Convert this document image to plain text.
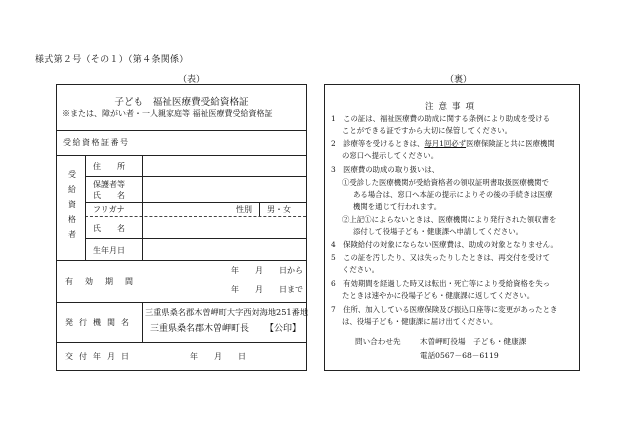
様式第２号（その１）（第４条関係）
（表）	（裏）
子ども　福祉医療費受給資格証
※または、障がい者・一人親家庭等 福祉医療費受給資格証
受給資格証番号
受
給
資
格
者
住　　所
保護者等
氏　　名
フリガナ	性別 男・女
氏　　名
生年月日
有効期間
年　　月　　日から
年　　月　　日まで
発行機関名
三重県桑名郡木曽岬町大字西対海地251番地
三重県桑名郡木曽岬町長 【公印】
交付年月日	年　　月　　日
注意事項
1　この証は、福祉医療費の助成に関する条例により助成を受ける
ことができる証ですから大切に保管してください。
2　診療等を受けるときは、毎月1回必ず医療保険証と共に医療機関
の窓口へ提示してください。
3　医療費の助成の取り扱いは、
①受診した医療機関が受給資格者の領収証明書取扱医療機関で
ある場合は、窓口へ本証の提示によりその後の手続きは医療
機関を通じて行われます。
②上記①によらないときは、医療機関により発行された領収書を
添付して役場子ども・健康課へ申請してください。
4　保険給付の対象にならない医療費は、助成の対象となりません。
5　この証を汚したり、又は失ったりしたときは、再交付を受けて
ください。
6　有効期間を経過した時又は転出・死亡等により受給資格を失っ
たときは速やかに役場子ども・健康課に返してください。
7　住所、加入している医療保険及び振込口座等に変更があったとき
は、役場子ども・健康課に届け出てください。
問い合わせ先	木曽岬町役場　子ども・健康課
電話0567－68－6119
